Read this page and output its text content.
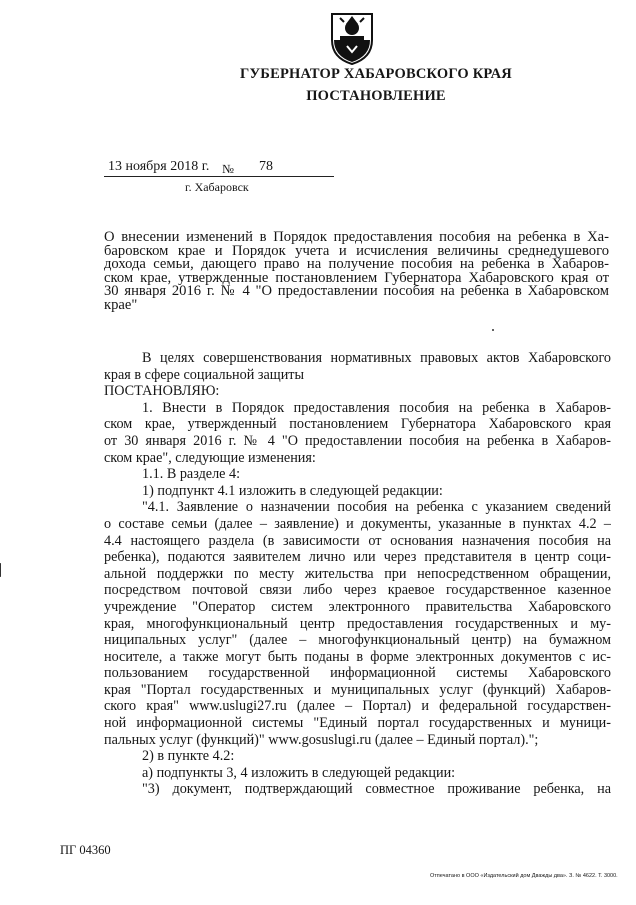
ГУБЕРНАТОР ХАБАРОВСКОГО КРАЯ
ПОСТАНОВЛЕНИЕ
13 ноября 2018 г. № 78
г. Хабаровск
О внесении изменений в Порядок предоставления пособия на ребенка в Ха-
баровском крае и Порядок учета и исчисления величины среднедушевого
дохода семьи, дающего право на получение пособия на ребенка в Хабаров-
ском крае, утвержденные постановлением Губернатора Хабаровского края от
30 января 2016 г. № 4 "О предоставлении пособия на ребенка в Хабаровском
крае"
В целях совершенствования нормативных правовых актов Хабаровского
края в сфере социальной защиты
ПОСТАНОВЛЯЮ:
1. Внести в Порядок предоставления пособия на ребенка в Хабаров-
ском крае, утвержденный постановлением Губернатора Хабаровского края
от 30 января 2016 г. № 4 "О предоставлении пособия на ребенка в Хабаров-
ском крае", следующие изменения:
1.1. В разделе 4:
1) подпункт 4.1 изложить в следующей редакции:
"4.1. Заявление о назначении пособия на ребенка с указанием сведений
о составе семьи (далее – заявление) и документы, указанные в пунктах 4.2 –
4.4 настоящего раздела (в зависимости от основания назначения пособия на
ребенка), подаются заявителем лично или через представителя в центр соци-
альной поддержки по месту жительства при непосредственном обращении,
посредством почтовой связи либо через краевое государственное казенное
учреждение "Оператор систем электронного правительства Хабаровского
края, многофункциональный центр предоставления государственных и му-
ниципальных услуг" (далее – многофункциональный центр) на бумажном
носителе, а также могут быть поданы в форме электронных документов с ис-
пользованием государственной информационной системы Хабаровского
края "Портал государственных и муниципальных услуг (функций) Хабаров-
ского края" www.uslugi27.ru (далее – Портал) и федеральной государствен-
ной информационной системы "Единый портал государственных и муници-
пальных услуг (функций)" www.gosuslugi.ru (далее – Единый портал).";
2) в пункте 4.2:
а) подпункты 3, 4 изложить в следующей редакции:
"3) документ, подтверждающий совместное проживание ребенка, на
ПГ 04360
Отпечатано в ООО «Издательский дом Дважды два». З. № 4622. Т. 3000.
